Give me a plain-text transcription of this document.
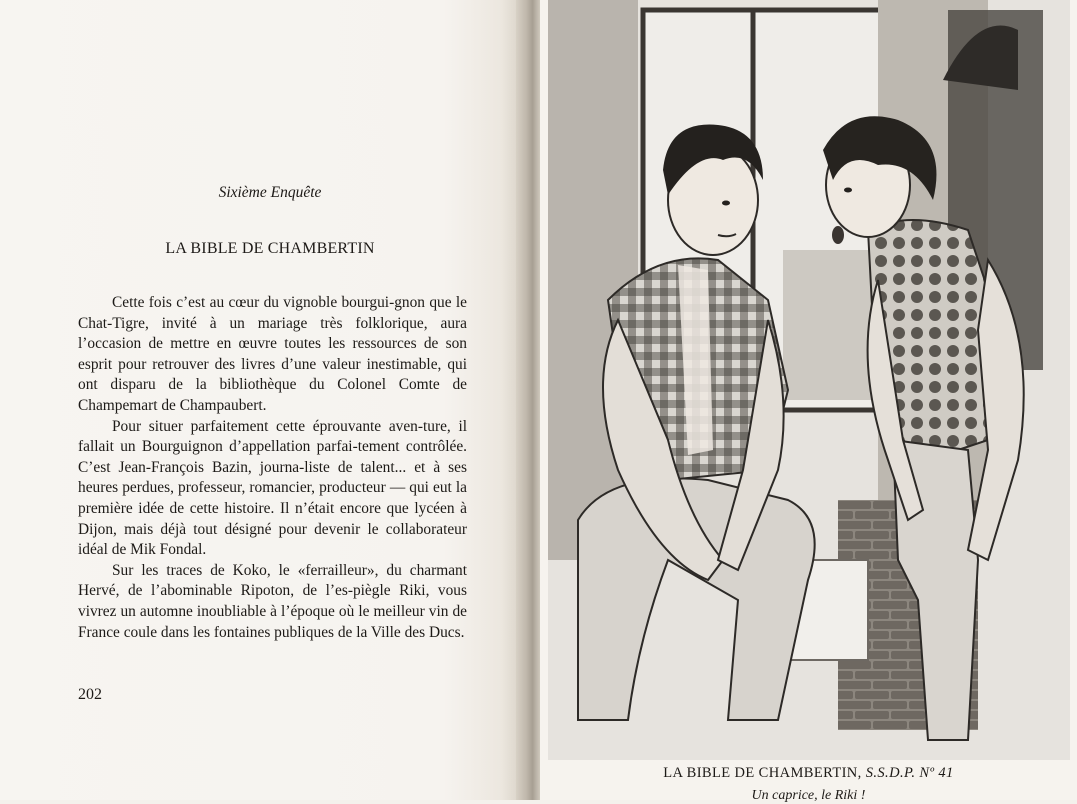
Sixième Enquête
LA BIBLE DE CHAMBERTIN

Cette fois c’est au cœur du vignoble bourgui-gnon que le Chat-Tigre, invité à un mariage très folklorique, aura l’occasion de mettre en œuvre toutes les ressources de son esprit pour retrouver des livres d’une valeur inestimable, qui ont disparu de la bibliothèque du Colonel Comte de Champemart de Champaubert.

Pour situer parfaitement cette éprouvante aven-ture, il fallait un Bourguignon d’appellation parfai-tement contrôlée. C’est Jean-François Bazin, journa-liste de talent... et à ses heures perdues, professeur, romancier, producteur — qui eut la première idée de cette histoire. Il n’était encore que lycéen à Dijon, mais déjà tout désigné pour devenir le collaborateur idéal de Mik Fondal.

Sur les traces de Koko, le «ferrailleur», du charmant Hervé, de l’abominable Ripoton, de l’es-piègle Riki, vous vivrez un automne inoubliable à l’époque où le meilleur vin de France coule dans les fontaines publiques de la Ville des Ducs.

202
LA BIBLE DE CHAMBERTIN, S.S.D.P. Nº 41
Un caprice, le Riki !
